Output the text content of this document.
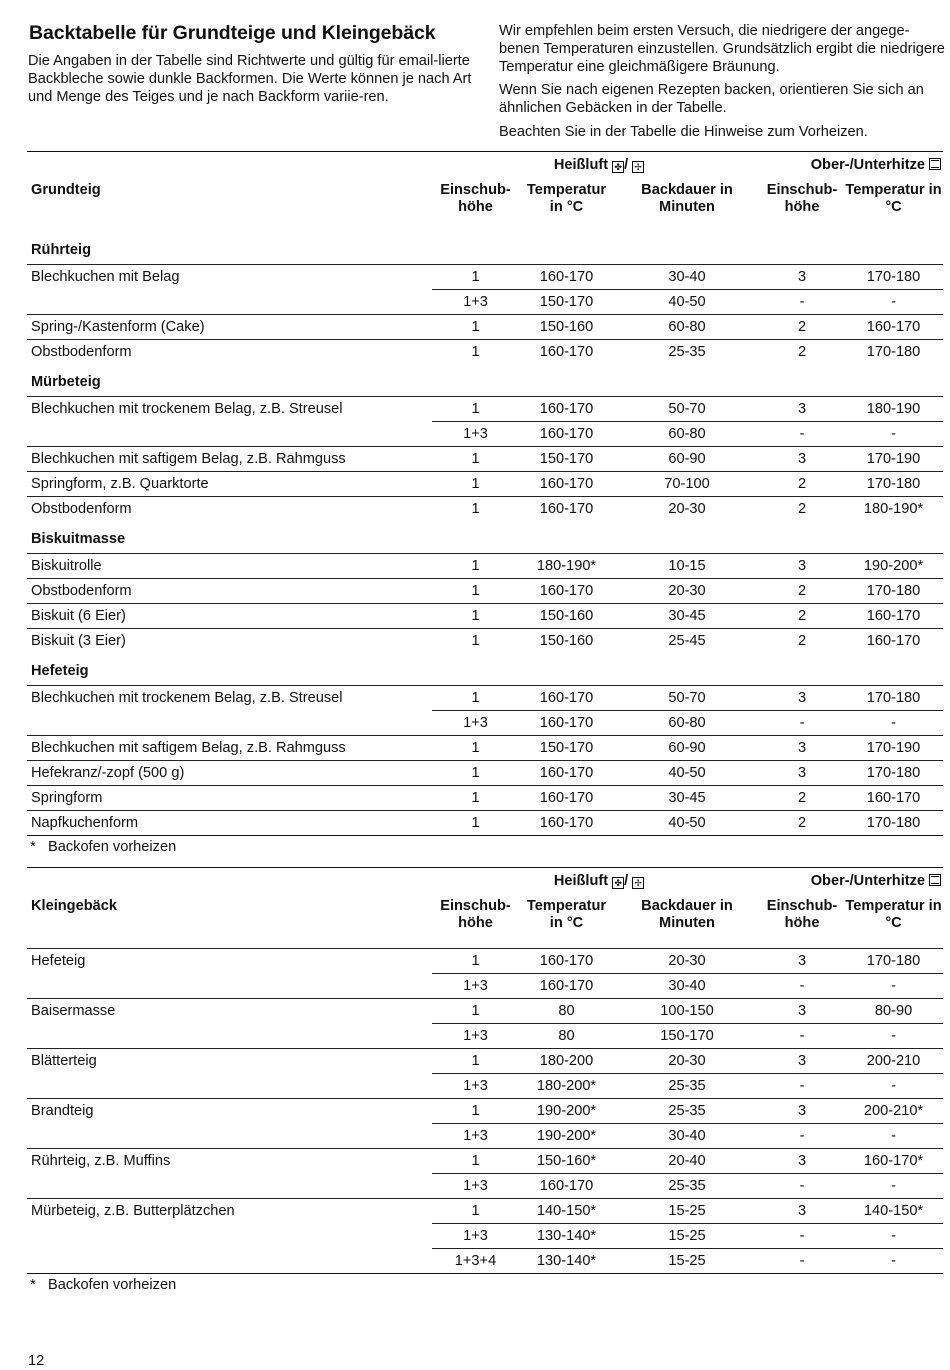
Backtabelle für Grundteige und Kleingebäck
Die Angaben in der Tabelle sind Richtwerte und gültig für email-lierte Backbleche sowie dunkle Backformen. Die Werte können je nach Art und Menge des Teiges und je nach Backform variie-ren.

Wir empfehlen beim ersten Versuch, die niedrigere der angege-benen Temperaturen einzustellen. Grundsätzlich ergibt die niedrigere Temperatur eine gleichmäßigere Bräunung.

Wenn Sie nach eigenen Rezepten backen, orientieren Sie sich an ähnlichen Gebäcken in der Tabelle.

Beachten Sie in der Tabelle die Hinweise zum Vorheizen.

	Heißluft ✤ / ✢			Ober-/Unterhitze	
Grundteig	Einschub-höhe	Temperatur in °C	Backdauer in Minuten	Einschub-höhe	Temperatur in °C
Rührteig					
Blechkuchen mit Belag	1	160-170	30-40	3	170-180
	1+3	150-170	40-50	-	-
Spring-/Kastenform (Cake)	1	150-160	60-80	2	160-170
Obstbodenform	1	160-170	25-35	2	170-180
Mürbeteig					
Blechkuchen mit trockenem Belag, z.B. Streusel	1	160-170	50-70	3	180-190
	1+3	160-170	60-80	-	-
Blechkuchen mit saftigem Belag, z.B. Rahmguss	1	150-170	60-90	3	170-190
Springform, z.B. Quarktorte	1	160-170	70-100	2	170-180
Obstbodenform	1	160-170	20-30	2	180-190*
Biskuitmasse					
Biskuitrolle	1	180-190*	10-15	3	190-200*
Obstbodenform	1	160-170	20-30	2	170-180
Biskuit (6 Eier)	1	150-160	30-45	2	160-170
Biskuit (3 Eier)	1	150-160	25-45	2	160-170
Hefeteig					
Blechkuchen mit trockenem Belag, z.B. Streusel	1	160-170	50-70	3	170-180
	1+3	160-170	60-80	-	-
Blechkuchen mit saftigem Belag, z.B. Rahmguss	1	150-170	60-90	3	170-190
Hefekranz/-zopf (500 g)	1	160-170	40-50	3	170-180
Springform	1	160-170	30-45	2	160-170
Napfkuchenform	1	160-170	40-50	2	170-180
* Backofen vorheizen
	Heißluft ✤ / ✢			Ober-/Unterhitze	
Kleingebäck	Einschub-höhe	Temperatur in °C	Backdauer in Minuten	Einschub-höhe	Temperatur in °C
Hefeteig	1	160-170	20-30	3	170-180
	1+3	160-170	30-40	-	-
Baisermasse	1	80	100-150	3	80-90
	1+3	80	150-170	-	-
Blätterteig	1	180-200	20-30	3	200-210
	1+3	180-200*	25-35	-	-
Brandteig	1	190-200*	25-35	3	200-210*
	1+3	190-200*	30-40	-	-
Rührteig, z.B. Muffins	1	150-160*	20-40	3	160-170*
	1+3	160-170	25-35	-	-
Mürbeteig, z.B. Butterplätzchen	1	140-150*	15-25	3	140-150*
	1+3	130-140*	15-25	-	-
	1+3+4	130-140*	15-25	-	-
* Backofen vorheizen
12
